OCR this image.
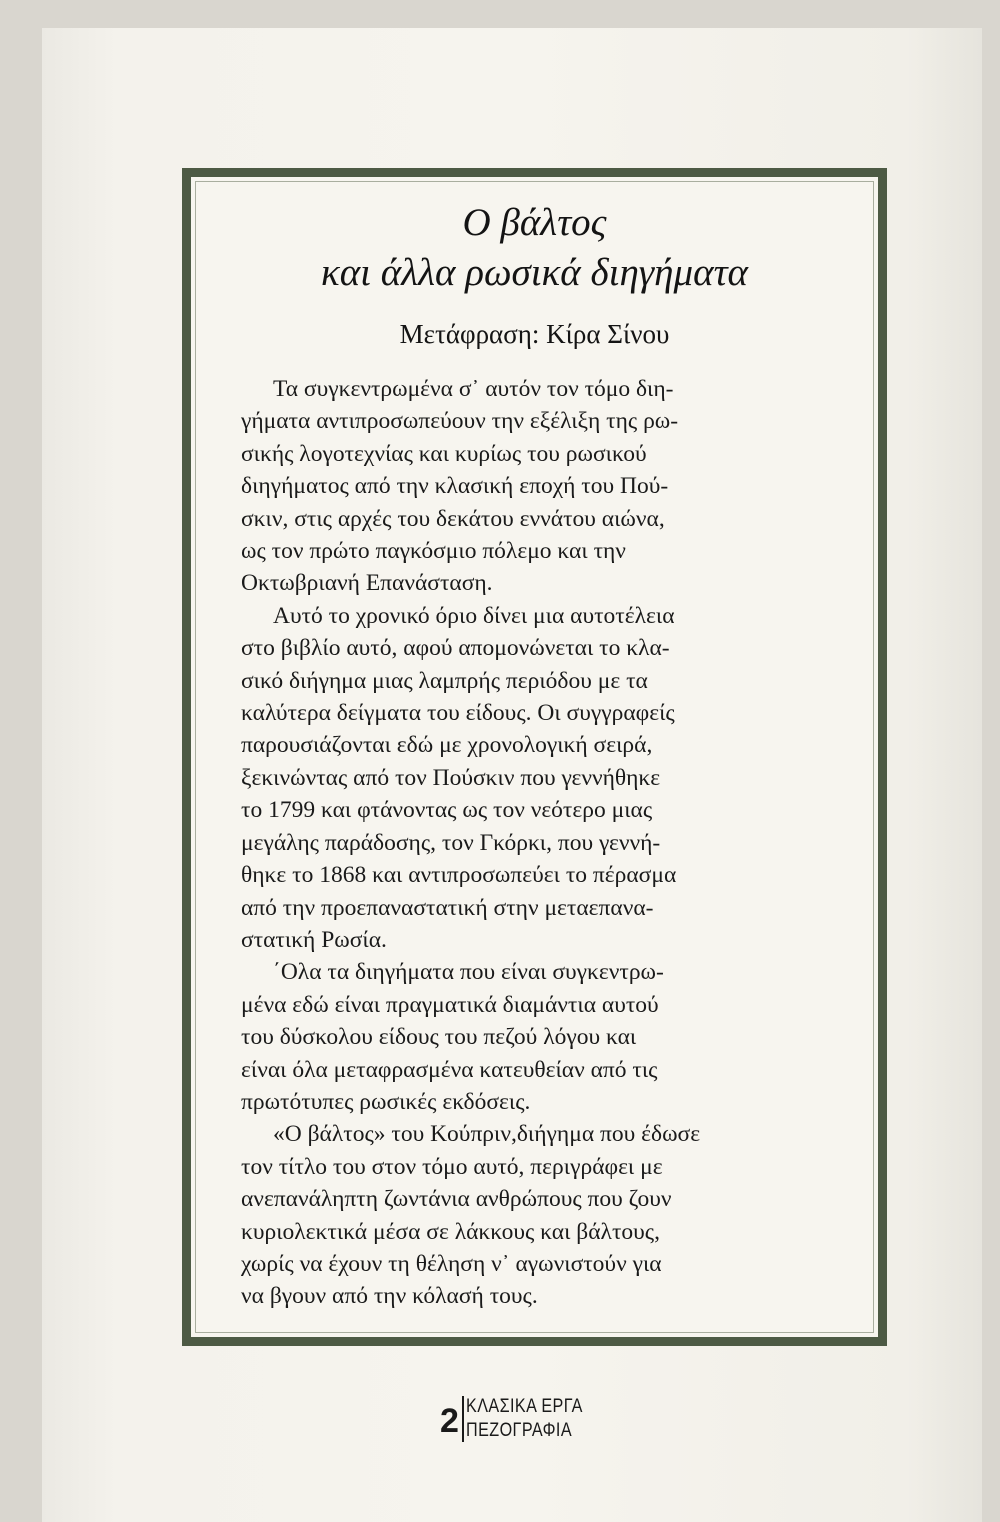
Ο βάλτος
και άλλα ρωσικά διηγήματα
Μετάφραση: Κίρα Σίνου
Τα συγκεντρωμένα σ᾽ αυτόν τον τόμο διη-
γήματα αντιπροσωπεύουν την εξέλιξη της ρω-
σικής λογοτεχνίας και κυρίως του ρωσικού
διηγήματος από την κλασική εποχή του Πού-
σκιν, στις αρχές του δεκάτου εννάτου αιώνα,
ως τον πρώτο παγκόσμιο πόλεμο και την
Οκτωβριανή Επανάσταση.
Αυτό το χρονικό όριο δίνει μια αυτοτέλεια
στο βιβλίο αυτό, αφού απομονώνεται το κλα-
σικό διήγημα μιας λαμπρής περιόδου με τα
καλύτερα δείγματα του είδους. Οι συγγραφείς
παρουσιάζονται εδώ με χρονολογική σειρά,
ξεκινώντας από τον Πούσκιν που γεννήθηκε
το 1799 και φτάνοντας ως τον νεότερο μιας
μεγάλης παράδοσης, τον Γκόρκι, που γεννή-
θηκε το 1868 και αντιπροσωπεύει το πέρασμα
από την προεπαναστατική στην μεταεπανα-
στατική Ρωσία.
΄Ολα τα διηγήματα που είναι συγκεντρω-
μένα εδώ είναι πραγματικά διαμάντια αυτού
του δύσκολου είδους του πεζού λόγου και
είναι όλα μεταφρασμένα κατευθείαν από τις
πρωτότυπες ρωσικές εκδόσεις.
«Ο βάλτος» του Κούπριν,διήγημα που έδωσε
τον τίτλο του στον τόμο αυτό, περιγράφει με
ανεπανάληπτη ζωντάνια ανθρώπους που ζουν
κυριολεκτικά μέσα σε λάκκους και βάλτους,
χωρίς να έχουν τη θέληση ν᾽ αγωνιστούν για
να βγουν από την κόλασή τους.
2 ΚΛΑΣΙΚΑ ΕΡΓΑ
ΠΕΖΟΓΡΑΦΙΑ
